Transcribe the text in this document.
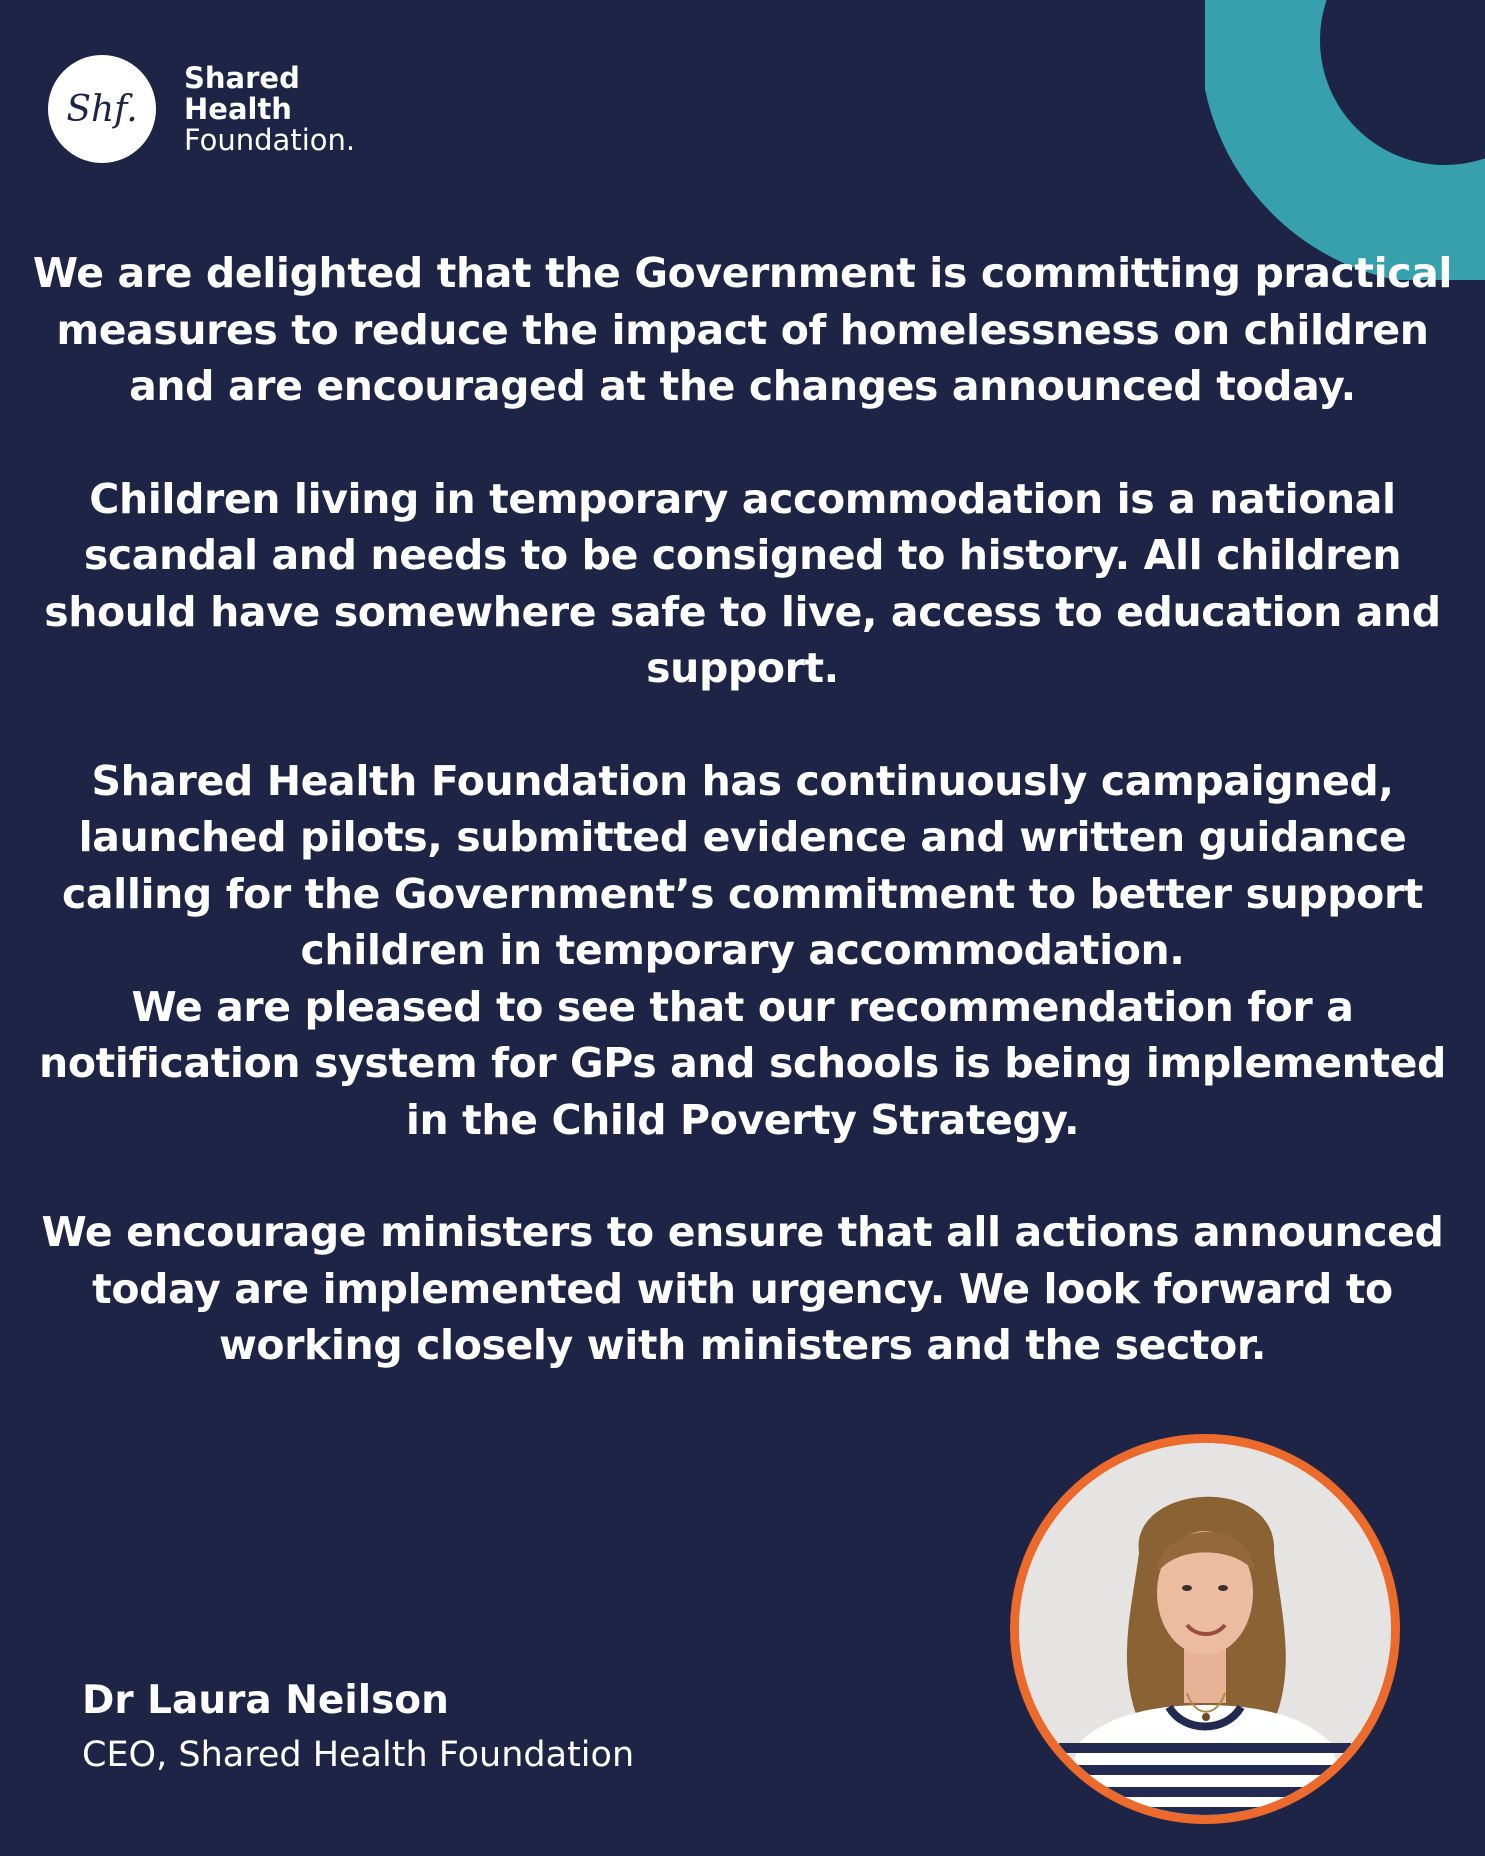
Shf.
Shared
Health
Foundation.

We are delighted that the Government is committing practical measures to reduce the impact of homelessness on children and are encouraged at the changes announced today.

Children living in temporary accommodation is a national scandal and needs to be consigned to history. All children should have somewhere safe to live, access to education and support.

Shared Health Foundation has continuously campaigned, launched pilots, submitted evidence and written guidance calling for the Government’s commitment to better support children in temporary accommodation.

We are pleased to see that our recommendation for a notification system for GPs and schools is being implemented in the Child Poverty Strategy.

We encourage ministers to ensure that all actions announced today are implemented with urgency. We look forward to working closely with ministers and the sector.

Dr Laura Neilson
CEO, Shared Health Foundation
